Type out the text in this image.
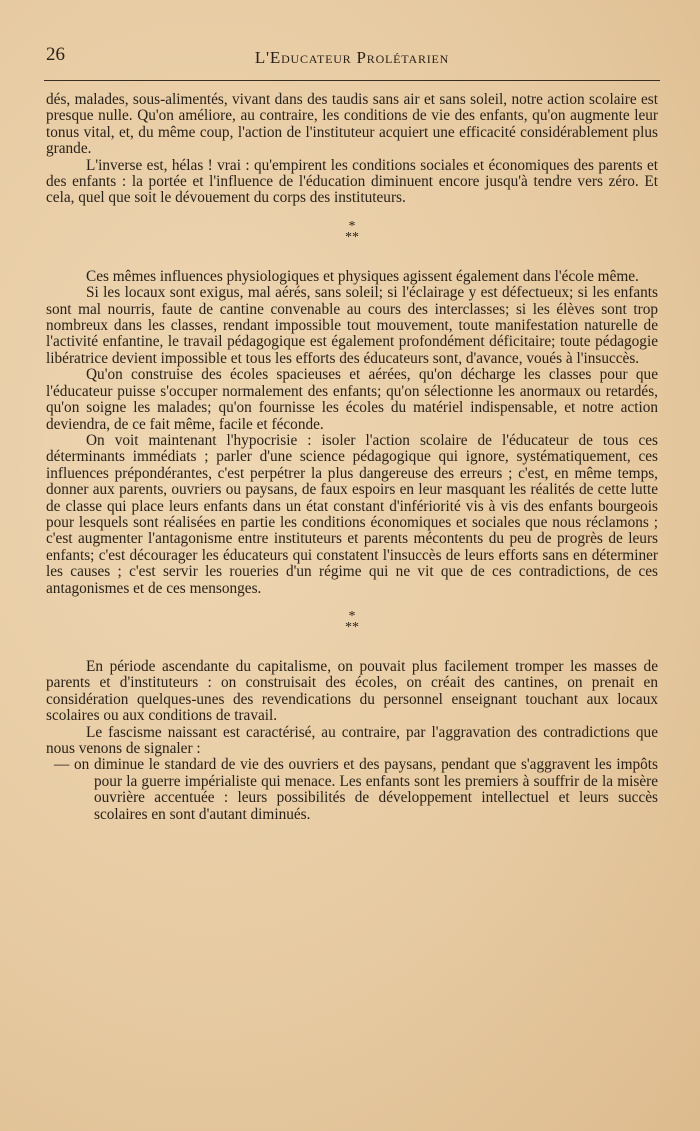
26	L'Educateur Prolétarien

dés, malades, sous-alimentés, vivant dans des taudis sans air et sans soleil, notre action scolaire est presque nulle. Qu'on améliore, au contraire, les conditions de vie des enfants, qu'on augmente leur tonus vital, et, du même coup, l'action de l'instituteur acquiert une efficacité considérablement plus grande.

L'inverse est, hélas ! vrai : qu'empirent les conditions sociales et économiques des parents et des enfants : la portée et l'influence de l'éducation diminuent encore jusqu'à tendre vers zéro. Et cela, quel que soit le dévouement du corps des instituteurs.

*
**

Ces mêmes influences physiologiques et physiques agissent également dans l'école même.

Si les locaux sont exigus, mal aérés, sans soleil; si l'éclairage y est défectueux; si les enfants sont mal nourris, faute de cantine convenable au cours des interclasses; si les élèves sont trop nombreux dans les classes, rendant impossible tout mouvement, toute manifestation naturelle de l'activité enfantine, le travail pédagogique est également profondément déficitaire; toute pédagogie libératrice devient impossible et tous les efforts des éducateurs sont, d'avance, voués à l'insuccès.

Qu'on construise des écoles spacieuses et aérées, qu'on décharge les classes pour que l'éducateur puisse s'occuper normalement des enfants; qu'on sélectionne les anormaux ou retardés, qu'on soigne les malades; qu'on fournisse les écoles du matériel indispensable, et notre action deviendra, de ce fait même, facile et féconde.

On voit maintenant l'hypocrisie : isoler l'action scolaire de l'éducateur de tous ces déterminants immédiats ; parler d'une science pédagogique qui ignore, systématiquement, ces influences prépondérantes, c'est perpétrer la plus dangereuse des erreurs ; c'est, en même temps, donner aux parents, ouvriers ou paysans, de faux espoirs en leur masquant les réalités de cette lutte de classe qui place leurs enfants dans un état constant d'infériorité vis à vis des enfants bourgeois pour lesquels sont réalisées en partie les conditions économiques et sociales que nous réclamons ; c'est augmenter l'antagonisme entre instituteurs et parents mécontents du peu de progrès de leurs enfants; c'est décourager les éducateurs qui constatent l'insuccès de leurs efforts sans en déterminer les causes ; c'est servir les roueries d'un régime qui ne vit que de ces contradictions, de ces antagonismes et de ces mensonges.

*
**

En période ascendante du capitalisme, on pouvait plus facilement tromper les masses de parents et d'instituteurs : on construisait des écoles, on créait des cantines, on prenait en considération quelques-unes des revendications du personnel enseignant touchant aux locaux scolaires ou aux conditions de travail.

Le fascisme naissant est caractérisé, au contraire, par l'aggravation des contradictions que nous venons de signaler :

— on diminue le standard de vie des ouvriers et des paysans, pendant que s'aggravent les impôts pour la guerre impérialiste qui menace. Les enfants sont les premiers à souffrir de la misère ouvrière accentuée : leurs possibilités de développement intellectuel et leurs succès scolaires en sont d'autant diminués.
